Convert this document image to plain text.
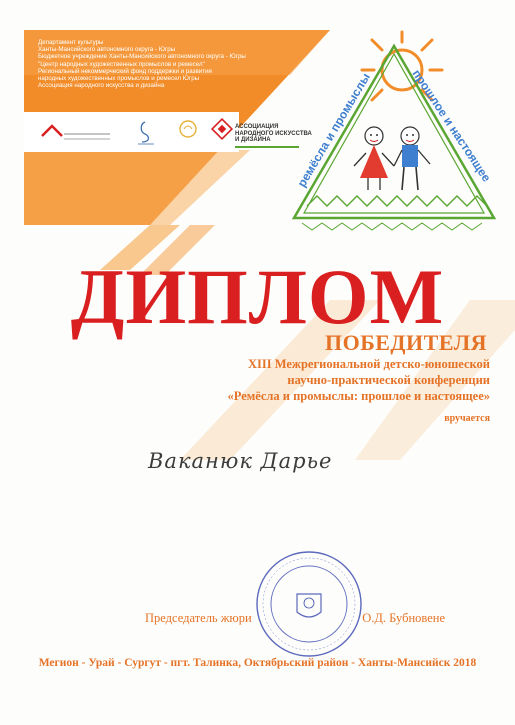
Департамент культуры
Ханты-Мансийского автономного округа - Югры
Бюджетное учреждение Ханты-Мансийского автономного округа - Югры
"Центр народных художественных промыслов и ремесел"
Региональный некоммерческий фонд поддержки и развития
народных художественных промыслов и ремесел Югры
Ассоциация народного искусства и дизайна
АССОЦИАЦИЯ
НАРОДНОГО ИСКУССТВА
И ДИЗАЙНА
ремёсла и промыслы	прошлое и настоящее
ДИПЛОМ
ПОБЕДИТЕЛЯ
XIII Межрегиональной детско-юношеской
научно-практической конференции
«Ремёсла и промыслы: прошлое и настоящее»
вручается
Ваканюк Дарье
Председатель жюри	О.Д. Бубновене
Мегион - Урай - Сургут - пгт. Талинка, Октябрьский район - Ханты-Мансийск 2018
